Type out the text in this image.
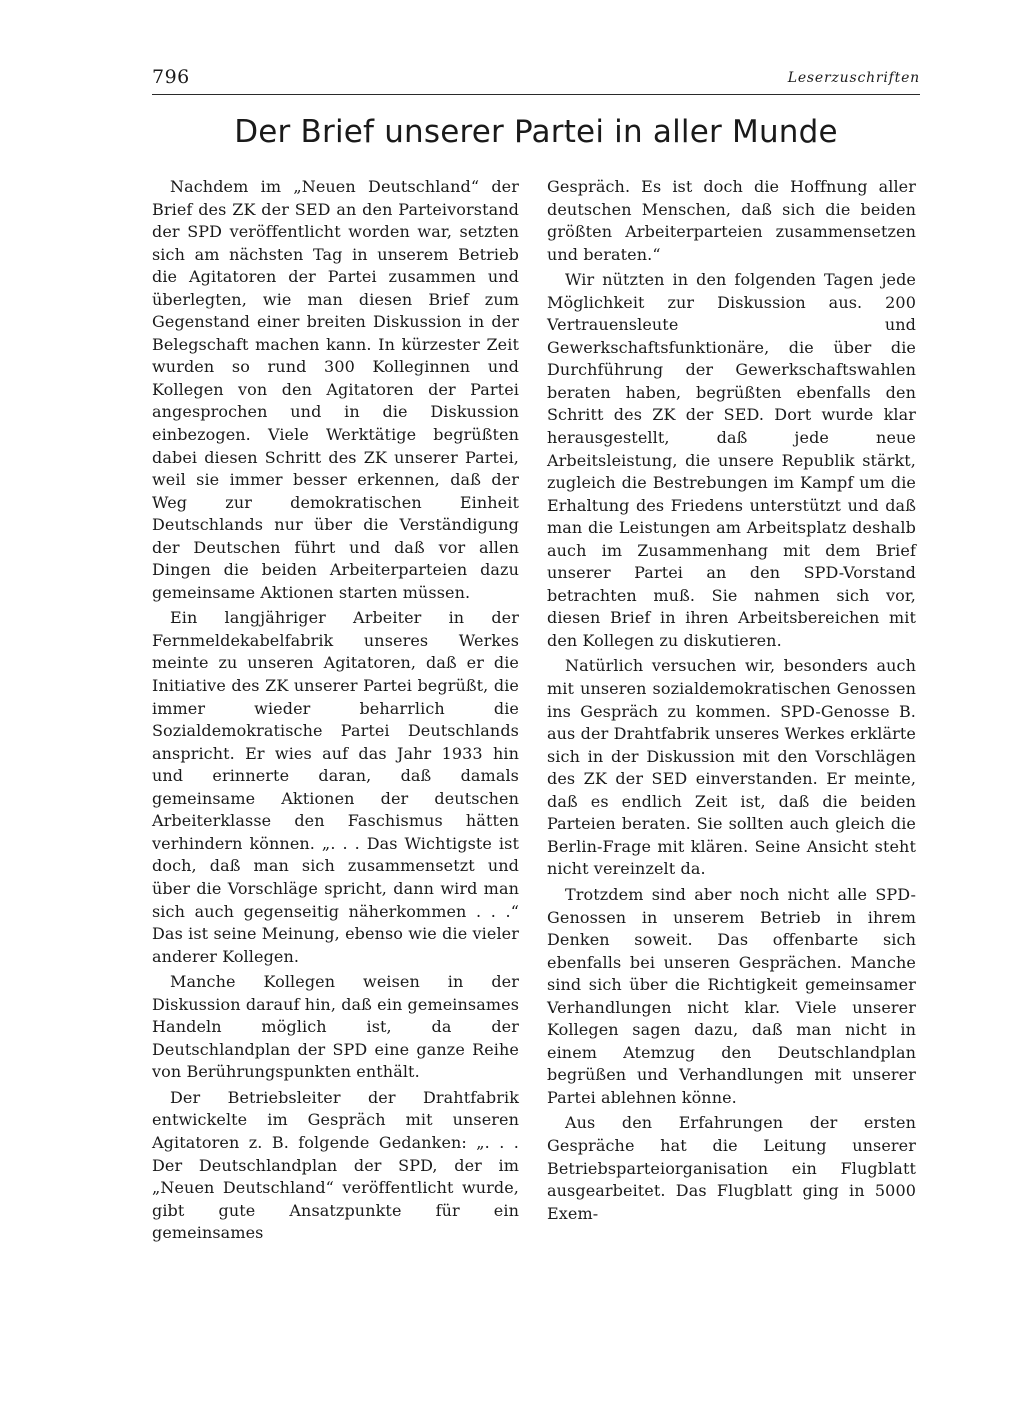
796	Leserzuschriften
Der Brief unserer Partei in aller Munde

Nachdem im „Neuen Deutschland“ der Brief des ZK der SED an den Parteivorstand der SPD veröffentlicht worden war, setzten sich am nächsten Tag in unserem Betrieb die Agitatoren der Partei zusammen und überlegten, wie man diesen Brief zum Gegenstand einer breiten Diskussion in der Belegschaft machen kann. In kürzester Zeit wurden so rund 300 Kolleginnen und Kollegen von den Agitatoren der Partei angesprochen und in die Diskussion einbezogen. Viele Werktätige begrüßten dabei diesen Schritt des ZK unserer Partei, weil sie immer besser erkennen, daß der Weg zur demokratischen Einheit Deutschlands nur über die Verständigung der Deutschen führt und daß vor allen Dingen die beiden Arbeiterparteien dazu gemeinsame Aktionen starten müssen.

Ein langjähriger Arbeiter in der Fernmeldekabelfabrik unseres Werkes meinte zu unseren Agitatoren, daß er die Initiative des ZK unserer Partei begrüßt, die immer wieder beharrlich die Sozialdemokratische Partei Deutschlands anspricht. Er wies auf das Jahr 1933 hin und erinnerte daran, daß damals gemeinsame Aktionen der deutschen Arbeiterklasse den Faschismus hätten verhindern können. „. . . Das Wichtigste ist doch, daß man sich zusammensetzt und über die Vorschläge spricht, dann wird man sich auch gegenseitig näherkommen . . .“ Das ist seine Meinung, ebenso wie die vieler anderer Kollegen.

Manche Kollegen weisen in der Diskussion darauf hin, daß ein gemeinsames Handeln möglich ist, da der Deutschlandplan der SPD eine ganze Reihe von Berührungspunkten enthält.

Der Betriebsleiter der Drahtfabrik entwickelte im Gespräch mit unseren Agitatoren z. B. folgende Gedanken: „. . . Der Deutschlandplan der SPD, der im „Neuen Deutschland“ veröffentlicht wurde, gibt gute Ansatzpunkte für ein gemeinsames

Gespräch. Es ist doch die Hoffnung aller deutschen Menschen, daß sich die beiden größten Arbeiterparteien zusammensetzen und beraten.“

Wir nützten in den folgenden Tagen jede Möglichkeit zur Diskussion aus. 200 Vertrauensleute und Gewerkschaftsfunktionäre, die über die Durchführung der Gewerkschaftswahlen beraten haben, begrüßten ebenfalls den Schritt des ZK der SED. Dort wurde klar herausgestellt, daß jede neue Arbeitsleistung, die unsere Republik stärkt, zugleich die Bestrebungen im Kampf um die Erhaltung des Friedens unterstützt und daß man die Leistungen am Arbeitsplatz deshalb auch im Zusammenhang mit dem Brief unserer Partei an den SPD-Vorstand betrachten muß. Sie nahmen sich vor, diesen Brief in ihren Arbeitsbereichen mit den Kollegen zu diskutieren.

Natürlich versuchen wir, besonders auch mit unseren sozialdemokratischen Genossen ins Gespräch zu kommen. SPD-Genosse B. aus der Drahtfabrik unseres Werkes erklärte sich in der Diskussion mit den Vorschlägen des ZK der SED einverstanden. Er meinte, daß es endlich Zeit ist, daß die beiden Parteien beraten. Sie sollten auch gleich die Berlin-Frage mit klären. Seine Ansicht steht nicht vereinzelt da.

Trotzdem sind aber noch nicht alle SPD-Genossen in unserem Betrieb in ihrem Denken soweit. Das offenbarte sich ebenfalls bei unseren Gesprächen. Manche sind sich über die Richtigkeit gemeinsamer Verhandlungen nicht klar. Viele unserer Kollegen sagen dazu, daß man nicht in einem Atemzug den Deutschlandplan begrüßen und Verhandlungen mit unserer Partei ablehnen könne.

Aus den Erfahrungen der ersten Gespräche hat die Leitung unserer Betriebsparteiorganisation ein Flugblatt ausgearbeitet. Das Flugblatt ging in 5000 Exem-
